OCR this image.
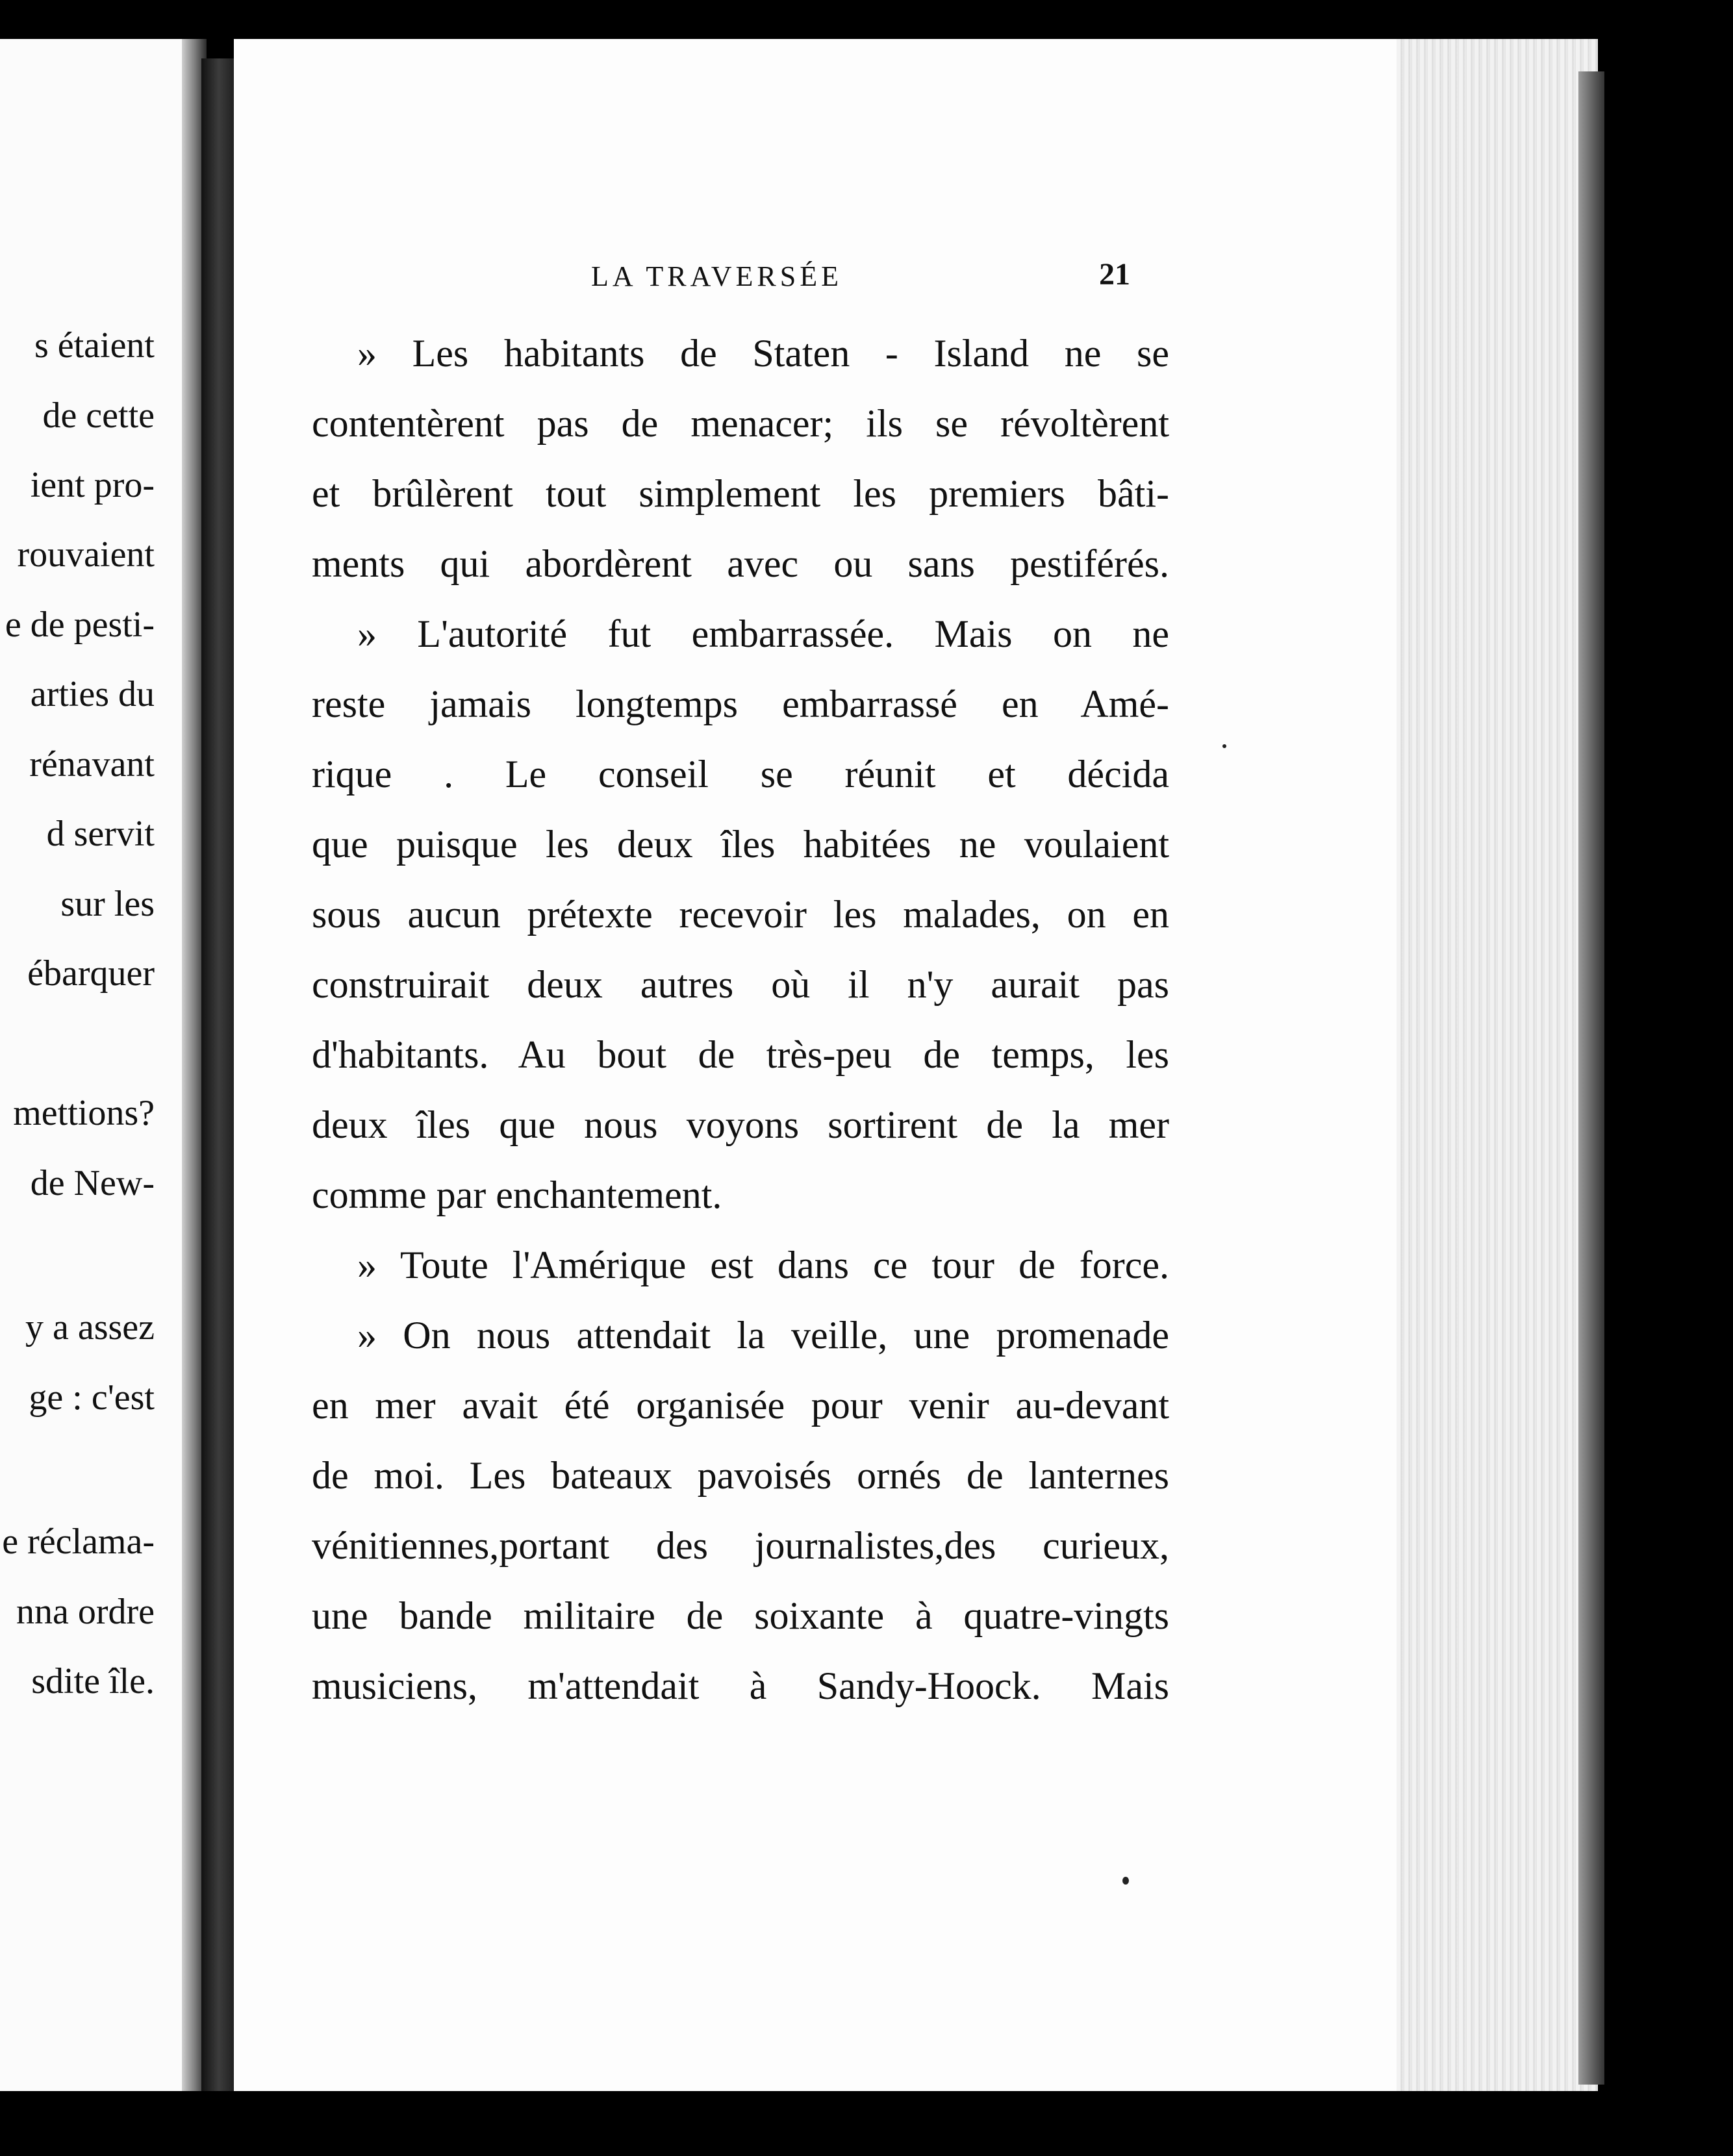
s étaient
de cette
ient pro-
rouvaient
e de pesti-
arties du
rénavant
d servit
sur les
ébarquer
mettions?
de New-
y a assez
ge : c'est
e réclama-
nna ordre
sdite île.
LA TRAVERSÉE	21
» Les habitants de Staten - Island ne se
contentèrent pas de menacer; ils se révoltèrent
et brûlèrent tout simplement les premiers bâti-
ments qui abordèrent avec ou sans pestiférés.
» L'autorité fut embarrassée. Mais on ne
reste jamais longtemps embarrassé en Amé-
rique . Le conseil se réunit et décida
que puisque les deux îles habitées ne voulaient
sous aucun prétexte recevoir les malades, on en
construirait deux autres où il n'y aurait pas
d'habitants. Au bout de très-peu de temps, les
deux îles que nous voyons sortirent de la mer
comme par enchantement.
» Toute l'Amérique est dans ce tour de force.
» On nous attendait la veille, une promenade
en mer avait été organisée pour venir au-devant
de moi. Les bateaux pavoisés ornés de lanternes
vénitiennes,portant des journalistes,des curieux,
une bande militaire de soixante à quatre-vingts
musiciens, m'attendait à Sandy-Hoock. Mais
